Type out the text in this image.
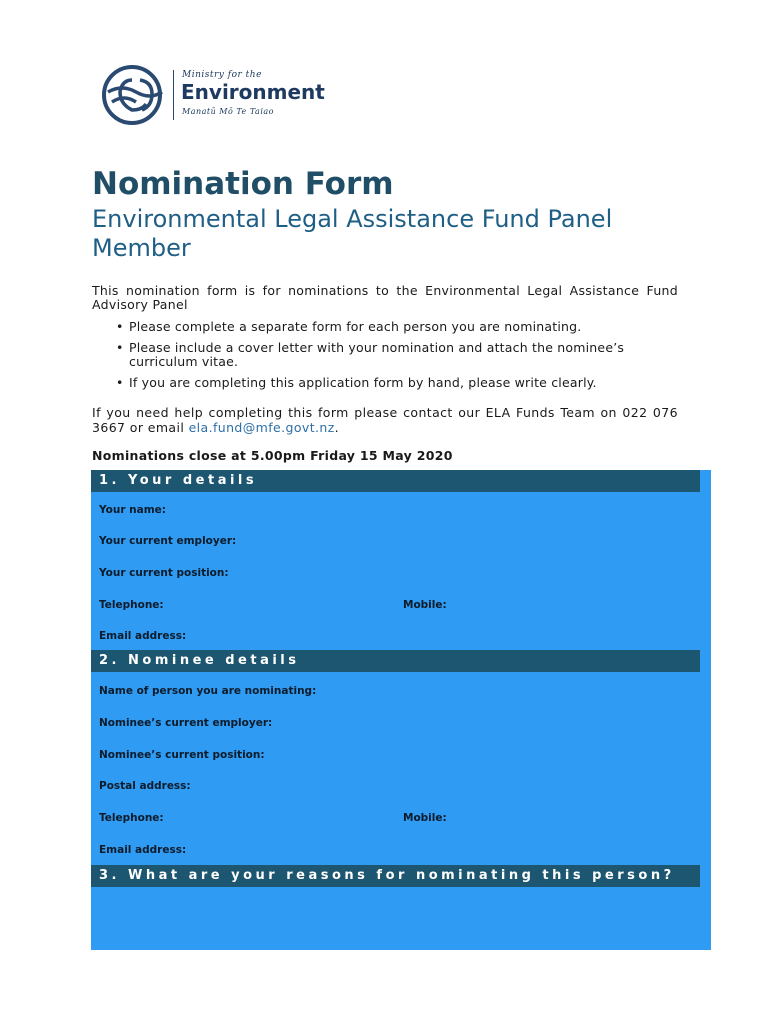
Ministry for the
Environment
Manatū Mō Te Taiao
Nomination Form
Environmental Legal Assistance Fund Panel Member
This nomination form is for nominations to the Environmental Legal Assistance Fund Advisory Panel
• Please complete a separate form for each person you are nominating.
• Please include a cover letter with your nomination and attach the nominee’s curriculum vitae.
• If you are completing this application form by hand, please write clearly.
If you need help completing this form please contact our ELA Funds Team on 022 076 3667 or email ela.fund@mfe.govt.nz.
Nominations close at 5.00pm Friday 15 May 2020
1. Your details
Your name:
Your current employer:
Your current position:
Telephone:	Mobile:
Email address:
2. Nominee details
Name of person you are nominating:
Nominee’s current employer:
Nominee’s current position:
Postal address:
Telephone:	Mobile:
Email address:
3. What are your reasons for nominating this person?
